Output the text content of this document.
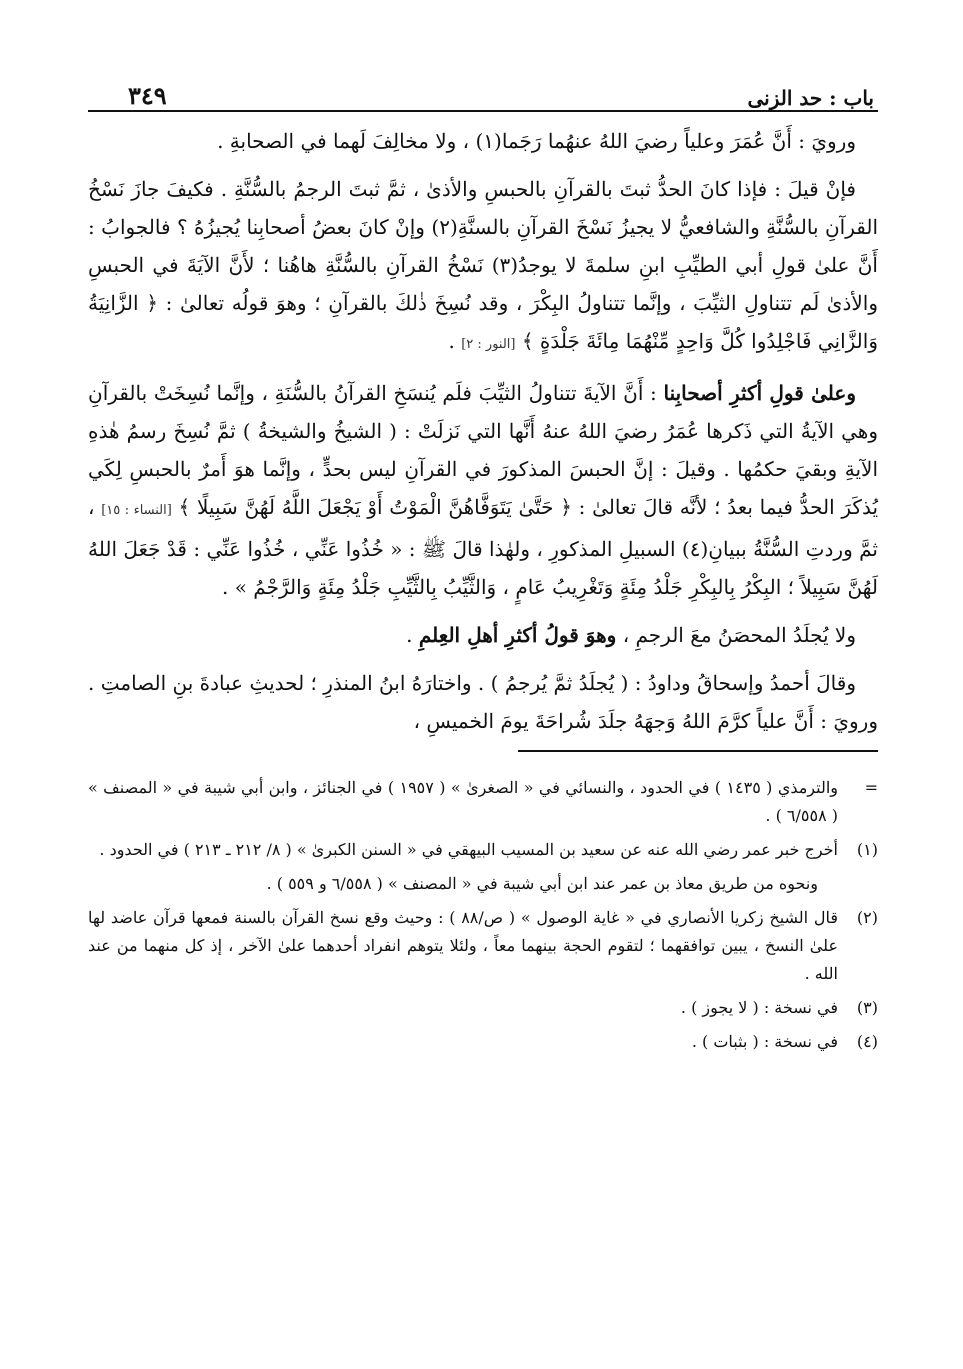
باب : حد الزنى
٣٤٩

ورويَ : أَنَّ عُمَرَ وعلياً رضيَ اللهُ عنهُما رَجَما(١) ، ولا مخالِفَ لَهما في الصحابةِ .

فإنْ قيلَ : فإذا كانَ الحدُّ ثبتَ بالقرآنِ بالحبسِ والأذىٰ ، ثمَّ ثبتَ الرجمُ بالسُّنَّةِ . فكيفَ جازَ نَسْخُ القرآنِ بالسُّنَّةِ والشافعيُّ لا يجيزُ نَسْخَ القرآنِ بالسنَّةِ(٢) وإنْ كانَ بعضُ أصحابِنا يُجيزُهُ ؟ فالجوابُ : أَنَّ علىٰ قولِ أبي الطيِّبِ ابنِ سلمةَ لا يوجدُ(٣) نَسْخُ القرآنِ بالسُّنَّةِ هاهُنا ؛ لأَنَّ الآيَةَ في الحبسِ والأذىٰ لَم تتناولِ الثيِّبَ ، وإنَّما تتناولُ البِكْرَ ، وقد نُسِخَ ذٰلكَ بالقرآنِ ؛ وهوَ قولُه تعالىٰ : ﴿ الزَّانِيَةُ وَالزَّانِي فَاجْلِدُوا كُلَّ وَاحِدٍ مِّنْهُمَا مِائَةَ جَلْدَةٍ ﴾ [النور : ٢] .

وعلىٰ قولِ أكثرِ أصحابِنا : أَنَّ الآيةَ تتناولُ الثيِّبَ فلَم يُنسَخِ القرآنُ بالسُّنَةِ ، وإنَّما نُسِخَتْ بالقرآنِ وهي الآيةُ التي ذَكرها عُمَرُ رضيَ اللهُ عنهُ أَنَّها التي نَزلَتْ : ( الشيخُ والشيخةُ ) ثمَّ نُسِخَ رسمُ هٰذهِ الآيةِ وبقيَ حكمُها . وقيلَ : إنَّ الحبسَ المذكورَ في القرآنِ ليس بحدٍّ ، وإنَّما هوَ أَمرٌ بالحبسِ لِكَي يُذكَرَ الحدُّ فيما بعدُ ؛ لأنَّه قالَ تعالىٰ : ﴿ حَتَّىٰ يَتَوَفَّاهُنَّ الْمَوْتُ أَوْ يَجْعَلَ اللَّهُ لَهُنَّ سَبِيلًا ﴾ [النساء : ١٥] ، ثمَّ وردتِ السُّنَّةُ ببيانِ(٤) السبيلِ المذكورِ ، ولهٰذا قالَ ﷺ : « خُذُوا عَنِّي ، خُذُوا عَنِّي : قَدْ جَعَلَ اللهُ لَهُنَّ سَبِيلاً ؛ البِكْرُ بِالبِكْرِ جَلْدُ مِئَةٍ وَتَغْرِيبُ عَامٍ ، وَالثَّيِّبُ بِالثَّيِّبِ جَلْدُ مِئَةٍ وَالرَّجْمُ » .

ولا يُجلَدُ المحصَنُ معَ الرجمِ ، وهوَ قولُ أكثرِ أهلِ العِلمِ .

وقالَ أحمدُ وإسحاقُ وداودُ : ( يُجلَدُ ثمَّ يُرجمُ ) . واختارَهُ ابنُ المنذرِ ؛ لحديثِ عبادةَ بنِ الصامتِ . ورويَ : أَنَّ علياً كرَّمَ اللهُ وَجهَهُ جلَدَ شُراحَةَ يومَ الخميسِ ،

=
والترمذي ( ١٤٣٥ ) في الحدود ، والنسائي في « الصغرىٰ » ( ١٩٥٧ ) في الجنائز ، وابن أبي شيبة في « المصنف » ( ٦/٥٥٨ ) .
(١)
أخرج خبر عمر رضي الله عنه عن سعيد بن المسيب البيهقي في « السنن الكبرىٰ » ( ٨/ ٢١٢ ـ ٢١٣ ) في الحدود .
ونحوه من طريق معاذ بن عمر عند ابن أبي شيبة في « المصنف » ( ٦/٥٥٨ و ٥٥٩ ) .
(٢)
قال الشيخ زكريا الأنصاري في « غاية الوصول » ( ص/٨٨ ) : وحيث وقع نسخ القرآن بالسنة فمعها قرآن عاضد لها علىٰ النسخ ، يبين توافقهما ؛ لتقوم الحجة بينهما معاً ، ولئلا يتوهم انفراد أحدهما علىٰ الآخر ، إذ كل منهما من عند الله .
(٣)
في نسخة : ( لا يجوز ) .
(٤)
في نسخة : ( بثبات ) .
